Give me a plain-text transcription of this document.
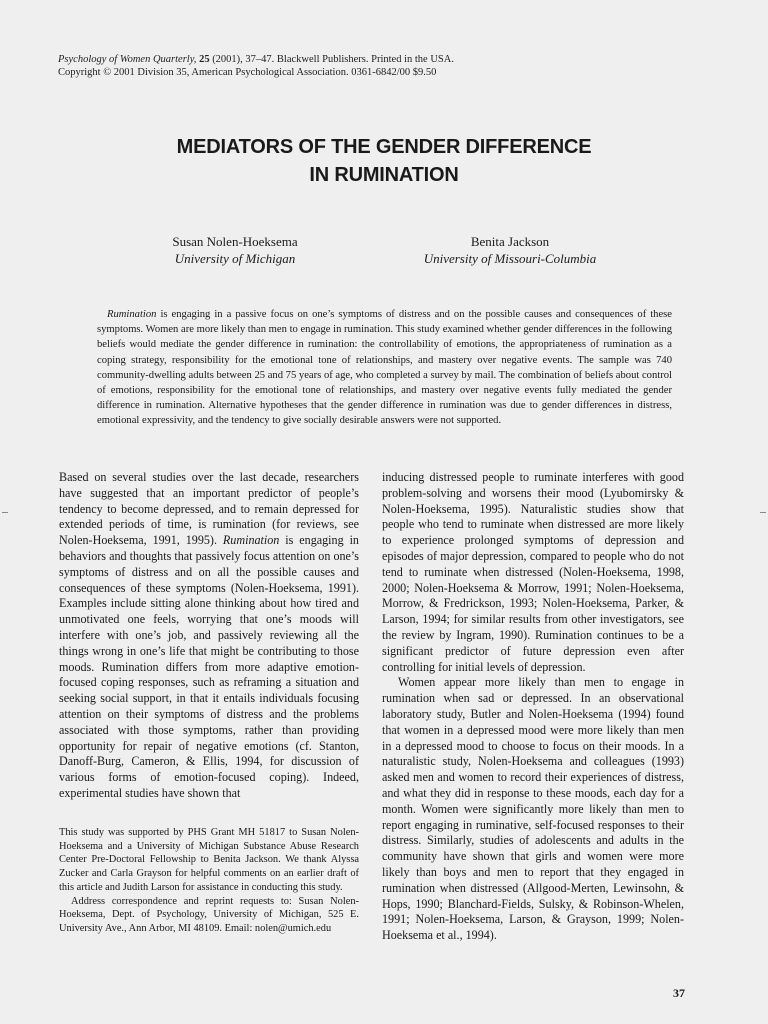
Psychology of Women Quarterly, 25 (2001), 37–47. Blackwell Publishers. Printed in the USA.
Copyright © 2001 Division 35, American Psychological Association. 0361-6842/00 $9.50
MEDIATORS OF THE GENDER DIFFERENCE
IN RUMINATION
Susan Nolen-Hoeksema
University of Michigan
Benita Jackson
University of Missouri-Columbia

Rumination is engaging in a passive focus on one’s symptoms of distress and on the possible causes and consequences of these symptoms. Women are more likely than men to engage in rumination. This study examined whether gender differences in the following beliefs would mediate the gender difference in rumination: the controllability of emotions, the appropriateness of rumination as a coping strategy, responsibility for the emotional tone of relationships, and mastery over negative events. The sample was 740 community-dwelling adults between 25 and 75 years of age, who completed a survey by mail. The combination of beliefs about control of emotions, responsibility for the emotional tone of relationships, and mastery over negative events fully mediated the gender difference in rumination. Alternative hypotheses that the gender difference in rumination was due to gender differences in distress, emotional expressivity, and the tendency to give socially desirable answers were not supported.

Based on several studies over the last decade, researchers have suggested that an important predictor of people’s tendency to become depressed, and to remain depressed for extended periods of time, is rumination (for reviews, see Nolen-Hoeksema, 1991, 1995). Rumination is engaging in behaviors and thoughts that passively focus attention on one’s symptoms of distress and on all the possible causes and consequences of these symptoms (Nolen-Hoeksema, 1991). Examples include sitting alone thinking about how tired and unmotivated one feels, worrying that one’s moods will interfere with one’s job, and passively reviewing all the things wrong in one’s life that might be contributing to those moods. Rumination differs from more adaptive emotion-focused coping responses, such as reframing a situation and seeking social support, in that it entails individuals focusing attention on their symptoms of distress and the problems associated with those symptoms, rather than providing opportunity for repair of negative emotions (cf. Stanton, Danoff-Burg, Cameron, & Ellis, 1994, for discussion of various forms of emotion-focused coping). Indeed, experimental studies have shown that

inducing distressed people to ruminate interferes with good problem-solving and worsens their mood (Lyubomirsky & Nolen-Hoeksema, 1995). Naturalistic studies show that people who tend to ruminate when distressed are more likely to experience prolonged symptoms of depression and episodes of major depression, compared to people who do not tend to ruminate when distressed (Nolen-Hoeksema, 1998, 2000; Nolen-Hoeksema & Morrow, 1991; Nolen-Hoeksema, Morrow, & Fredrickson, 1993; Nolen-Hoeksema, Parker, & Larson, 1994; for similar results from other investigators, see the review by Ingram, 1990). Rumination continues to be a significant predictor of future depression even after controlling for initial levels of depression.

Women appear more likely than men to engage in rumination when sad or depressed. In an observational laboratory study, Butler and Nolen-Hoeksema (1994) found that women in a depressed mood were more likely than men in a depressed mood to choose to focus on their moods. In a naturalistic study, Nolen-Hoeksema and colleagues (1993) asked men and women to record their experiences of distress, and what they did in response to these moods, each day for a month. Women were significantly more likely than men to report engaging in ruminative, self-focused responses to their distress. Similarly, studies of adolescents and adults in the community have shown that girls and women were more likely than boys and men to report that they engaged in rumination when distressed (Allgood-Merten, Lewinsohn, & Hops, 1990; Blanchard-Fields, Sulsky, & Robinson-Whelen, 1991; Nolen-Hoeksema, Larson, & Grayson, 1999; Nolen-Hoeksema et al., 1994).

This study was supported by PHS Grant MH 51817 to Susan Nolen-Hoeksema and a University of Michigan Substance Abuse Research Center Pre-Doctoral Fellowship to Benita Jackson. We thank Alyssa Zucker and Carla Grayson for helpful comments on an earlier draft of this article and Judith Larson for assistance in conducting this study.

Address correspondence and reprint requests to: Susan Nolen-Hoeksema, Dept. of Psychology, University of Michigan, 525 E. University Ave., Ann Arbor, MI 48109. Email: nolen@umich.edu

37
